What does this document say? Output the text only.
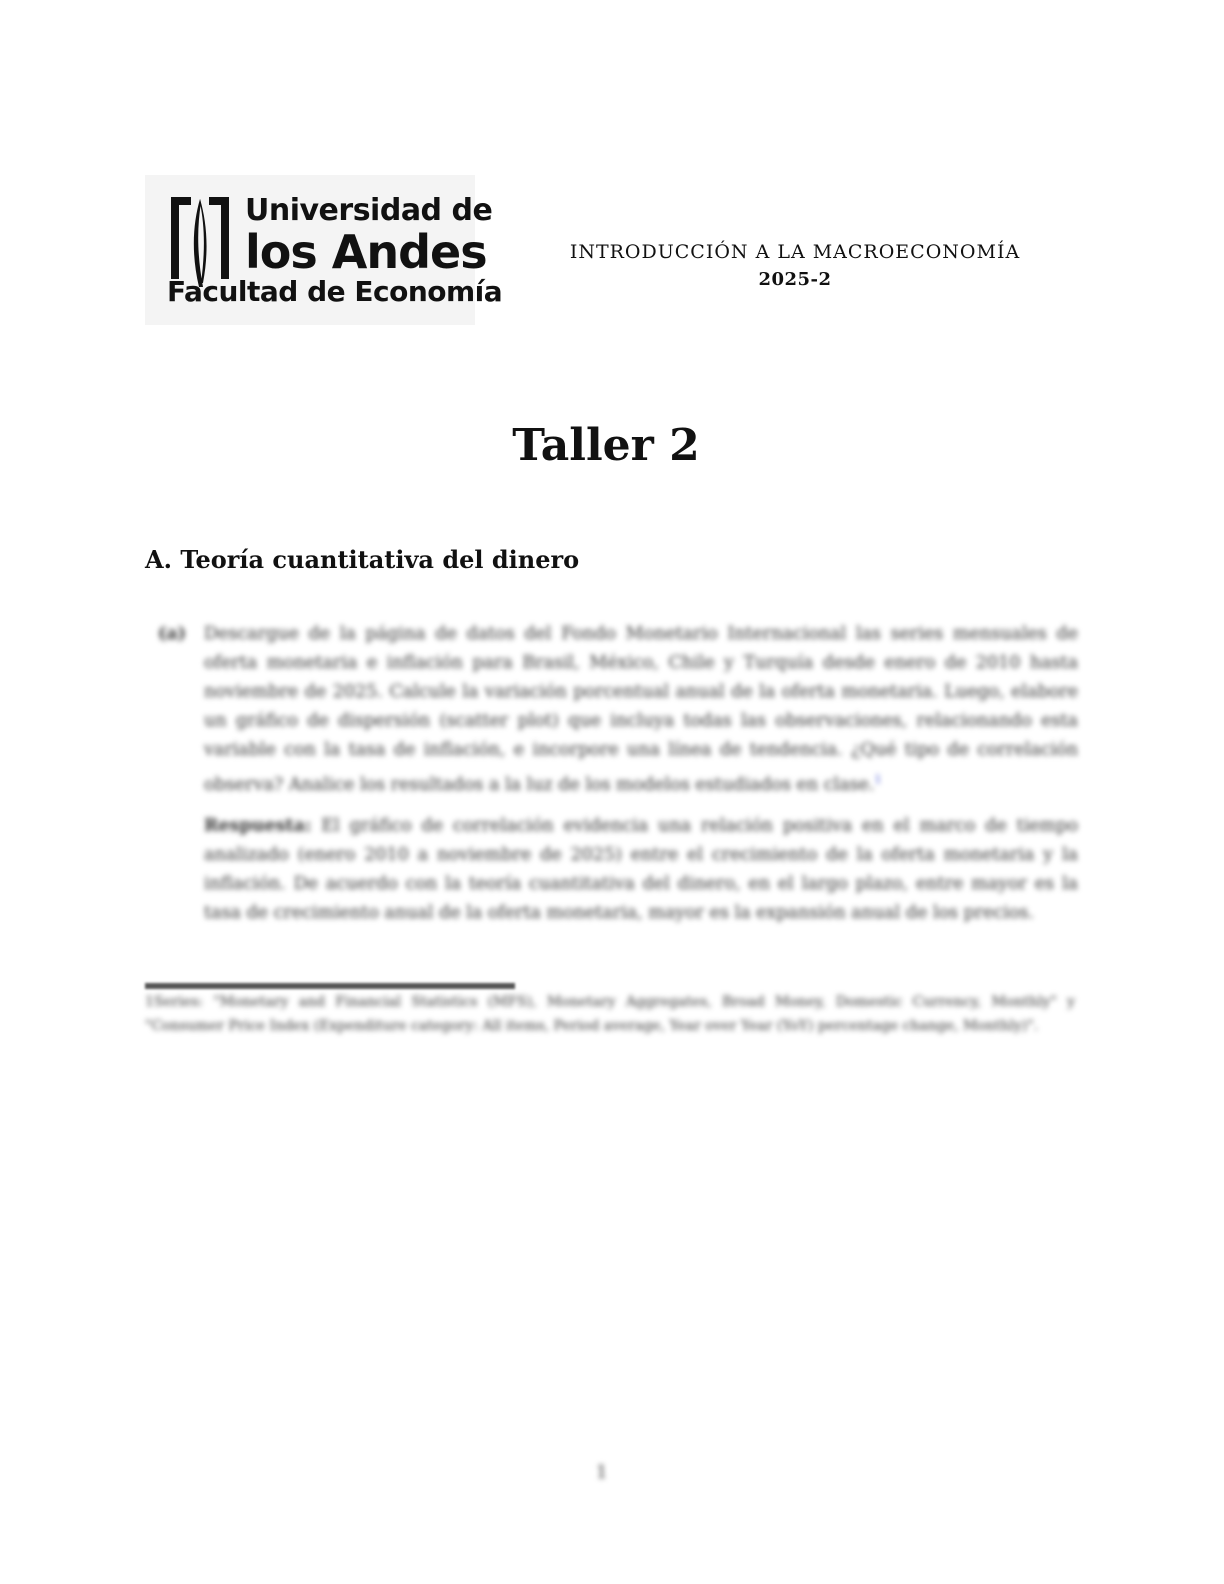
Universidad de
los Andes
Facultad de Economía
INTRODUCCIÓN A LA MACROECONOMÍA
2025-2
Taller 2
A. Teoría cuantitativa del dinero
(a) Descargue de la página de datos del Fondo Monetario Internacional las series mensuales de oferta monetaria e inflación para Brasil, México, Chile y Turquía desde enero de 2010 hasta noviembre de 2025. Calcule la variación porcentual anual de la oferta monetaria. Luego, elabore un gráfico de dispersión (scatter plot) que incluya todas las observaciones, relacionando esta variable con la tasa de inflación, e incorpore una línea de tendencia. ¿Qué tipo de correlación observa? Analice los resultados a la luz de los modelos estudiados en clase.$^1$
Respuesta: El gráfico de correlación evidencia una relación positiva en el marco de tiempo analizado (enero 2010 a noviembre de 2025) entre el crecimiento de la oferta monetaria y la inflación. De acuerdo con la teoría cuantitativa del dinero, en el largo plazo, entre mayor es la tasa de crecimiento anual de la oferta monetaria, mayor es la expansión anual de los precios.
1Series: "Monetary and Financial Statistics (MFS), Monetary Aggregates, Broad Money, Domestic Currency, Monthly" y "Consumer Price Index (Expenditure category: All items, Period average, Year over Year (YoY) percentage change, Monthly)".
1
